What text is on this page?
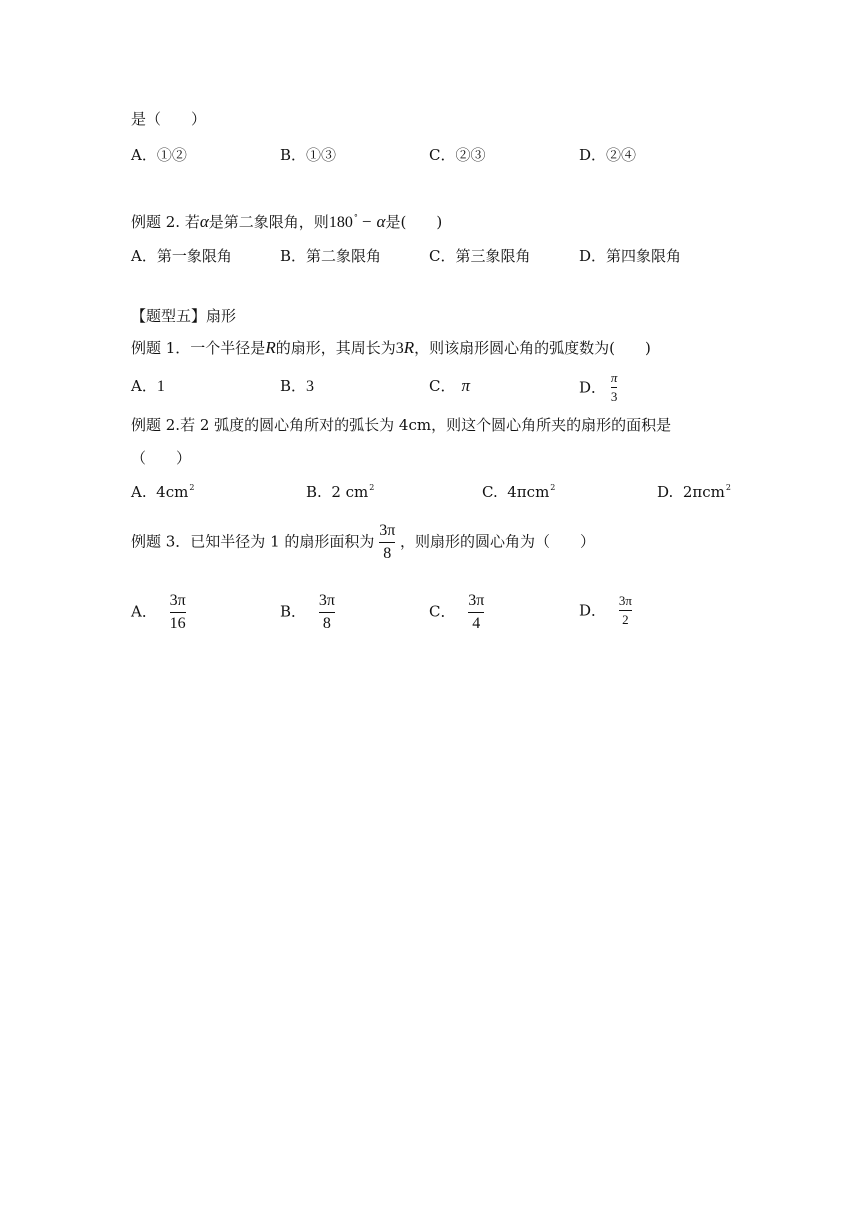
是（　　）
A．①②	B．①③	C．②③	D．②④
例题 2. 若α是第二象限角，则180° − α是(　　)
A．第一象限角	B．第二象限角	C．第三象限角	D．第四象限角
【题型五】扇形
例题 1．一个半径是R的扇形，其周长为3R，则该扇形圆心角的弧度数为(　　)
A．1	B．3	C． π	D． $\frac{\pi}{3}$
例题 2.若 2 弧度的圆心角所对的弧长为 4cm，则这个圆心角所夹的扇形的面积是
（　　）
A. $4cm^2$	B. 2 $cm^2$	C. 4πcm$^2$	D. 2πcm$^2$
例题 3．已知半径为 1 的扇形面积为 $\frac{3\pi}{8}$ ，则扇形的圆心角为（　　）
A． $\frac{3\pi}{16}$	B． $\frac{3\pi}{8}$	C． $\frac{3\pi}{4}$	D． $\frac{3\pi}{2}$
